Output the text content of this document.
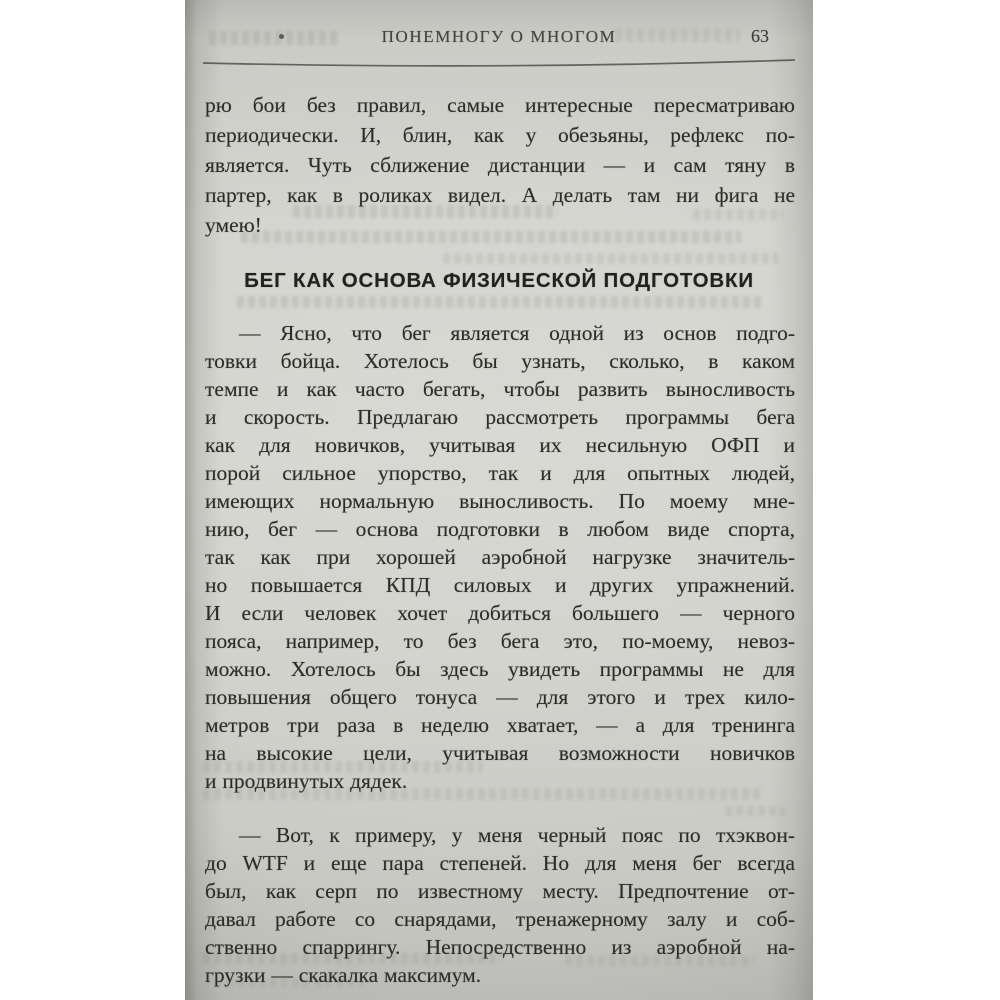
ПОНЕМНОГУ О МНОГОМ	63
рю бои без правил, самые интересные пересматриваю
периодически. И, блин, как у обезьяны, рефлекс по-
является. Чуть сближение дистанции — и сам тяну в
партер, как в роликах видел. А делать там ни фига не
умею!
БЕГ КАК ОСНОВА ФИЗИЧЕСКОЙ ПОДГОТОВКИ
— Ясно, что бег является одной из основ подго-
товки бойца. Хотелось бы узнать, сколько, в каком
темпе и как часто бегать, чтобы развить выносливость
и скорость. Предлагаю рассмотреть программы бега
как для новичков, учитывая их несильную ОФП и
порой сильное упорство, так и для опытных людей,
имеющих нормальную выносливость. По моему мне-
нию, бег — основа подготовки в любом виде спорта,
так как при хорошей аэробной нагрузке значитель-
но повышается КПД силовых и других упражнений.
И если человек хочет добиться большего — черного
пояса, например, то без бега это, по-моему, невоз-
можно. Хотелось бы здесь увидеть программы не для
повышения общего тонуса — для этого и трех кило-
метров три раза в неделю хватает, — а для тренинга
на высокие цели, учитывая возможности новичков
и продвинутых дядек.
— Вот, к примеру, у меня черный пояс по тхэквон-
до WTF и еще пара степеней. Но для меня бег всегда
был, как серп по известному месту. Предпочтение от-
давал работе со снарядами, тренажерному залу и соб-
ственно спаррингу. Непосредственно из аэробной на-
грузки — скакалка максимум.
